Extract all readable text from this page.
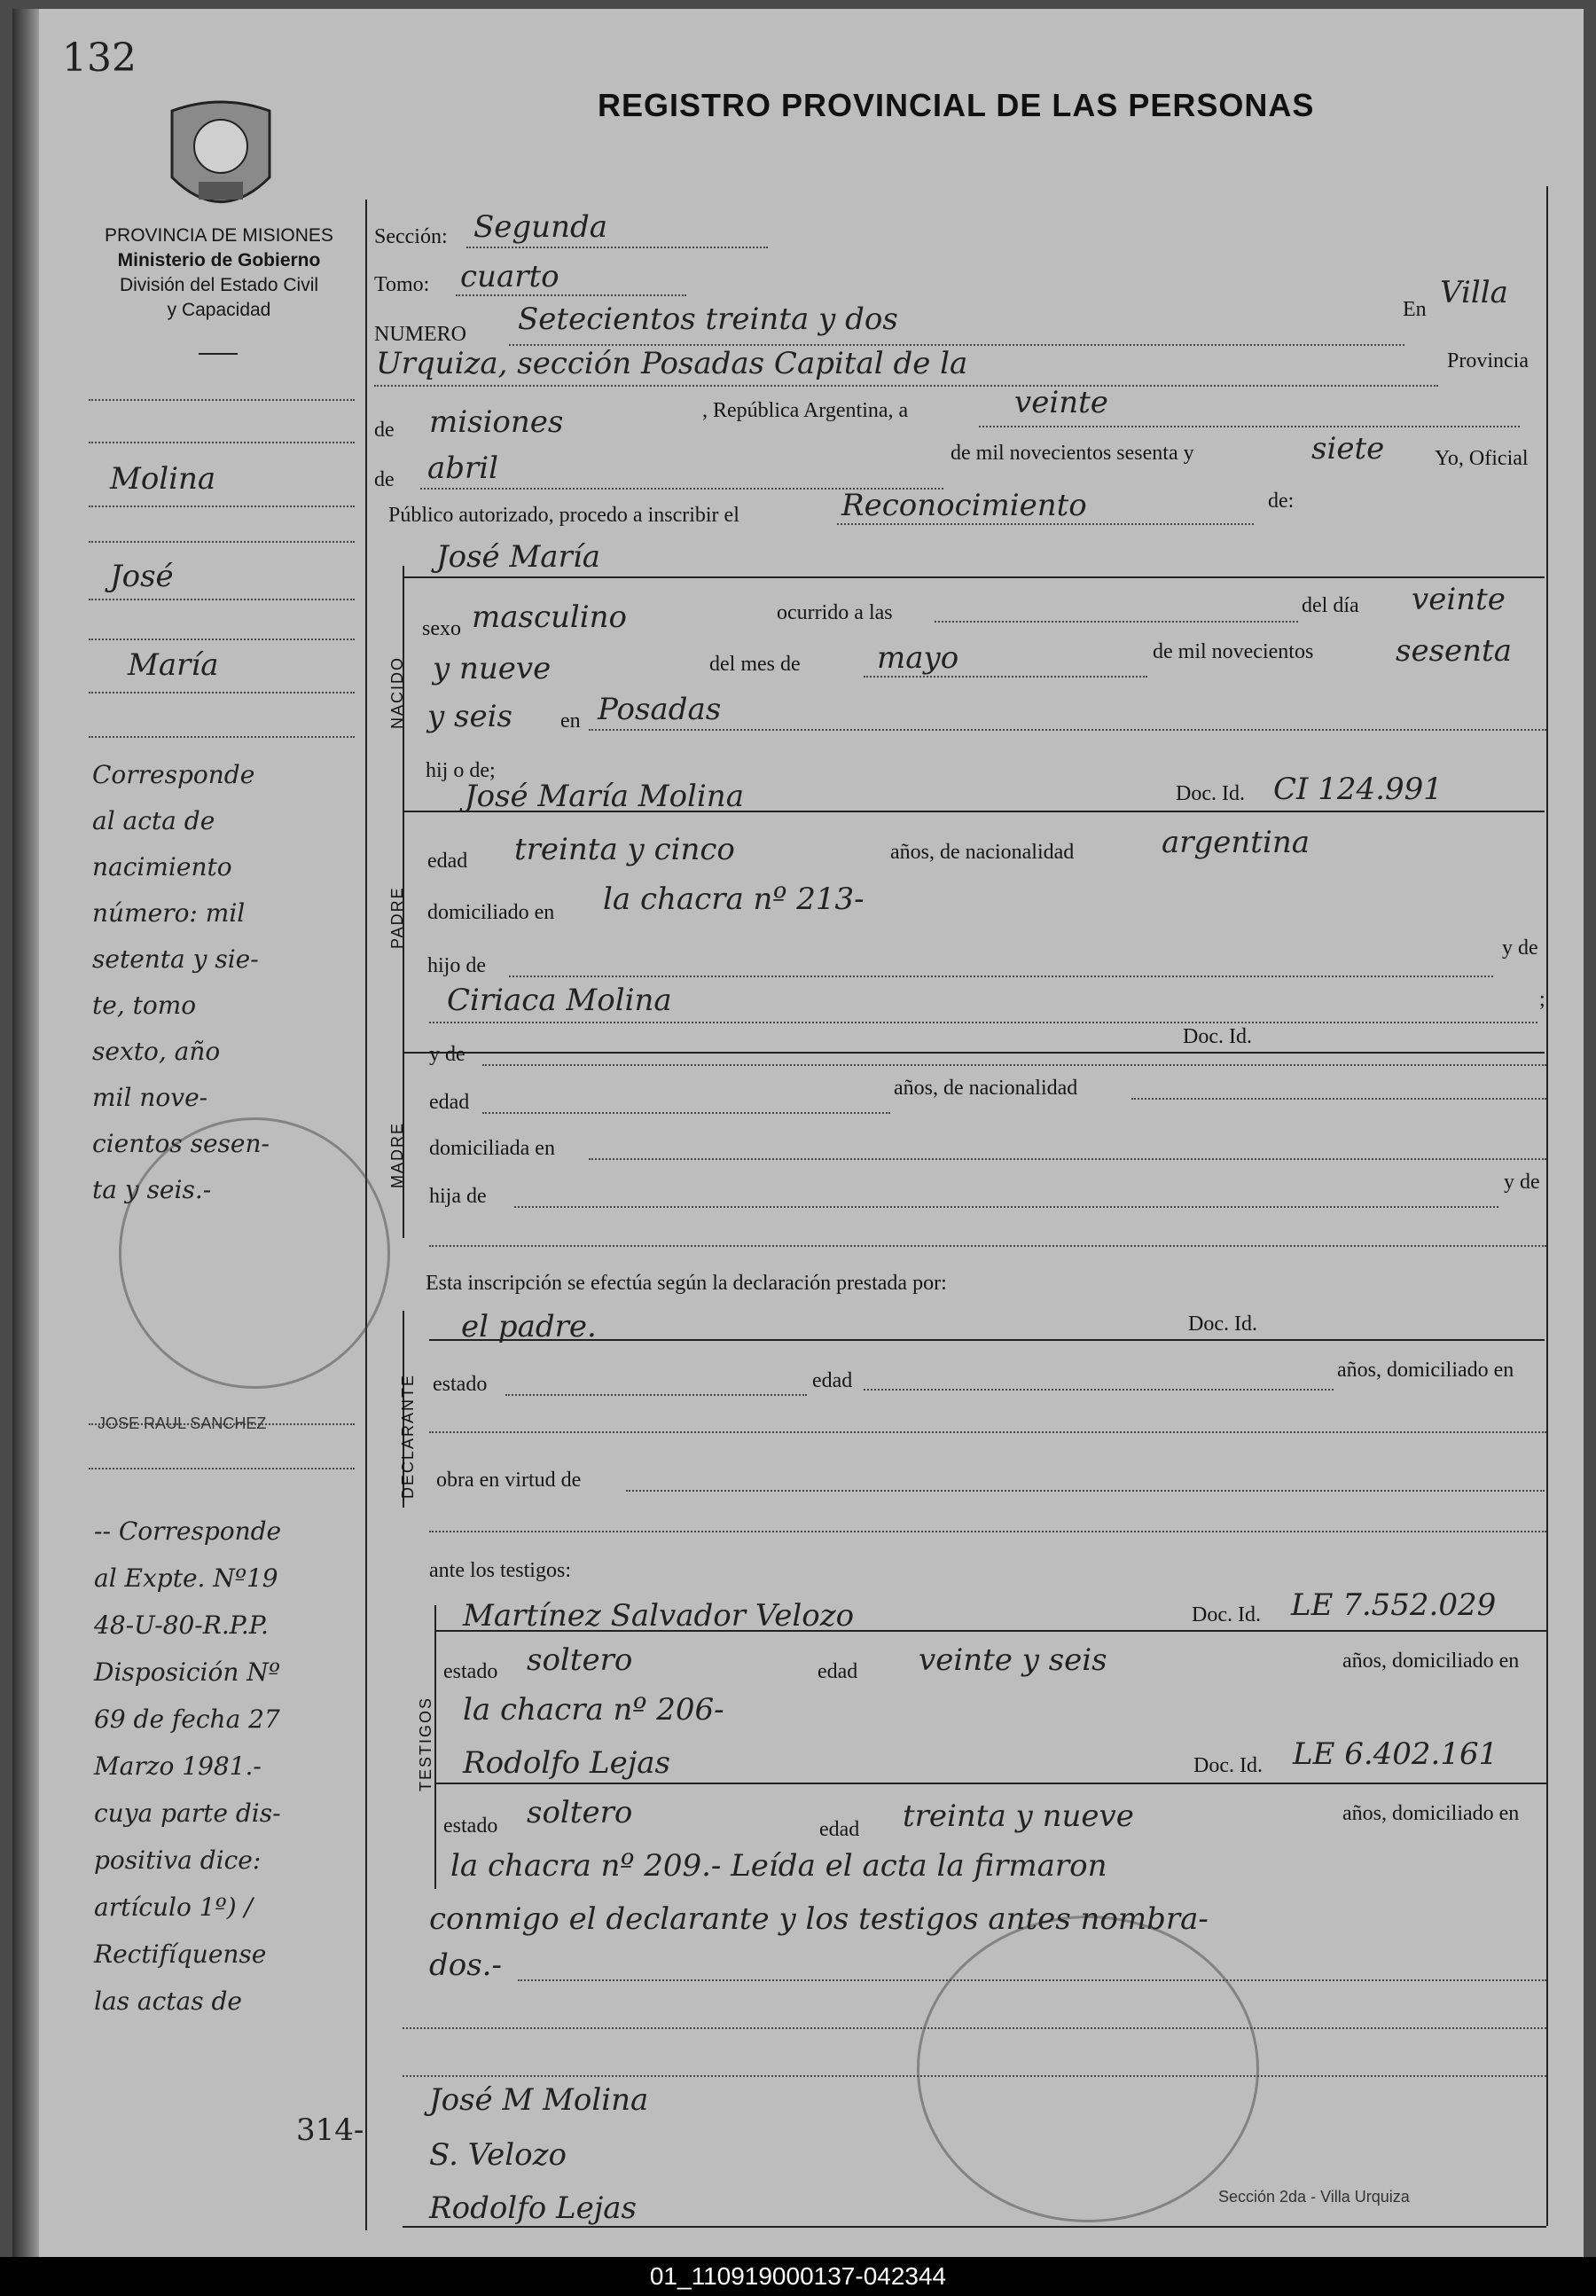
132
REGISTRO PROVINCIAL DE LAS PERSONAS
PROVINCIA DE MISIONES
Ministerio de Gobierno
División del Estado Civil
y Capacidad
Molina
José
María
Corresponde
al acta de
nacimiento
número: mil
setenta y sie-
te, tomo
sexto, año
mil nove-
cientos sesen-
ta y seis.-
JOSE RAUL SANCHEZ
-- Corresponde
al Expte. Nº19
48-U-80-R.P.P.
Disposición Nº
69 de fecha 27
Marzo 1981.-
cuya parte dis-
positiva dice:
artículo 1º) /
Rectifíquense
las actas de
314-
Sección: Segunda
Tomo: cuarto
NUMERO Setecientos treinta y dos	En Villa
Urquiza, sección Posadas Capital de la	Provincia
de misiones	, República Argentina, a	veinte
de abril	de mil novecientos sesenta y	siete Yo, Oficial
Público autorizado, procedo a inscribir el	Reconocimiento	de:
NACIDO
José María
sexo masculino	ocurrido a las	del día veinte
y nueve	del mes de	mayo	de mil novecientos	sesenta
y seis en Posadas
hij o de;
PADRE
José María Molina	Doc. Id. CI 124.991
edad treinta y cinco	años, de nacionalidad	argentina
domiciliado en la chacra nº 213-
hijo de
y de
Ciriaca Molina	;
Doc. Id.
MADRE
y de
edad
años, de nacionalidad
domiciliada en
hija de
y de
Esta inscripción se efectúa según la declaración prestada por:
DECLARANTE
el padre.	Doc. Id.
estado	edad	años, domiciliado en
obra en virtud de
ante los testigos:
TESTIGOS
Martínez Salvador Velozo	Doc. Id. LE 7.552.029
estado soltero	edad veinte y seis	años, domiciliado en
la chacra nº 206-
Rodolfo Lejas	Doc. Id. LE 6.402.161
estado soltero	edad treinta y nueve	años, domiciliado en
la chacra nº 209.- Leída el acta la firmaron
conmigo el declarante y los testigos antes nombra-
dos.-
José M Molina
S. Velozo
Rodolfo Lejas	Sección 2da - Villa Urquiza
01_110919000137-042344
